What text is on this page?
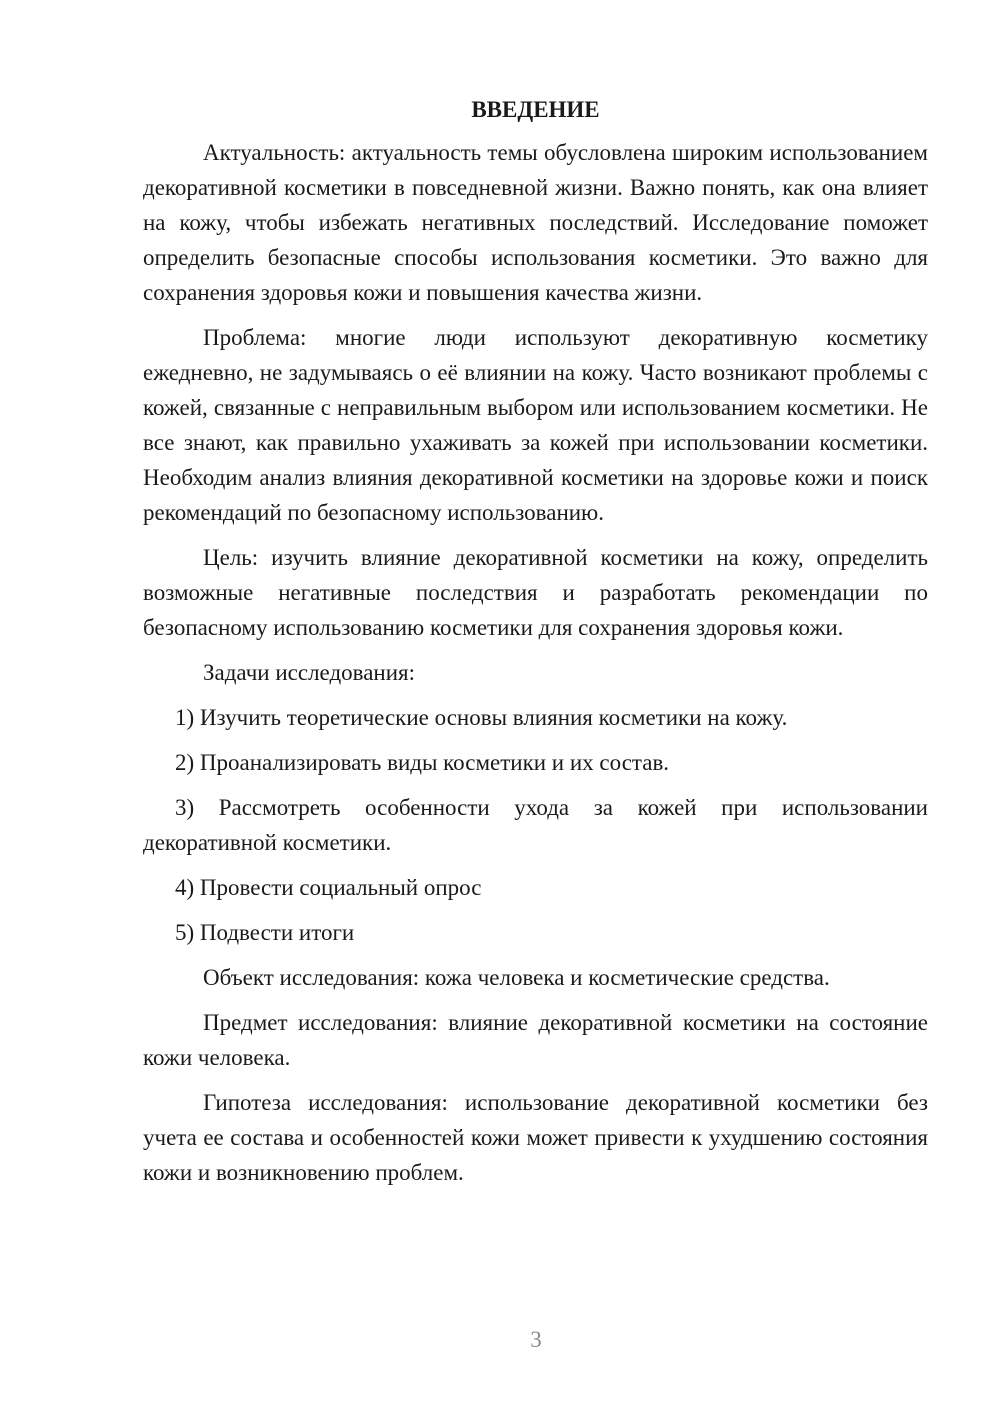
ВВЕДЕНИЕ
Актуальность: актуальность темы обусловлена широким использованием декоративной косметики в повседневной жизни. Важно понять, как она влияет на кожу, чтобы избежать негативных последствий. Исследование поможет определить безопасные способы использования косметики. Это важно для сохранения здоровья кожи и повышения качества жизни.
Проблема: многие люди используют декоративную косметику ежедневно, не задумываясь о её влиянии на кожу. Часто возникают проблемы с кожей, связанные с неправильным выбором или использованием косметики. Не все знают, как правильно ухаживать за кожей при использовании косметики. Необходим анализ влияния декоративной косметики на здоровье кожи и поиск рекомендаций по безопасному использованию.
Цель: изучить влияние декоративной косметики на кожу, определить возможные негативные последствия и разработать рекомендации по безопасному использованию косметики для сохранения здоровья кожи.
Задачи исследования:
1) Изучить теоретические основы влияния косметики на кожу.
2) Проанализировать виды косметики и их состав.
3) Рассмотреть особенности ухода за кожей при использовании декоративной косметики.
4) Провести социальный опрос
5) Подвести итоги
Объект исследования: кожа человека и косметические средства.
Предмет исследования: влияние декоративной косметики на состояние кожи человека.
Гипотеза исследования: использование декоративной косметики без учета ее состава и особенностей кожи может привести к ухудшению состояния кожи и возникновению проблем.
3
